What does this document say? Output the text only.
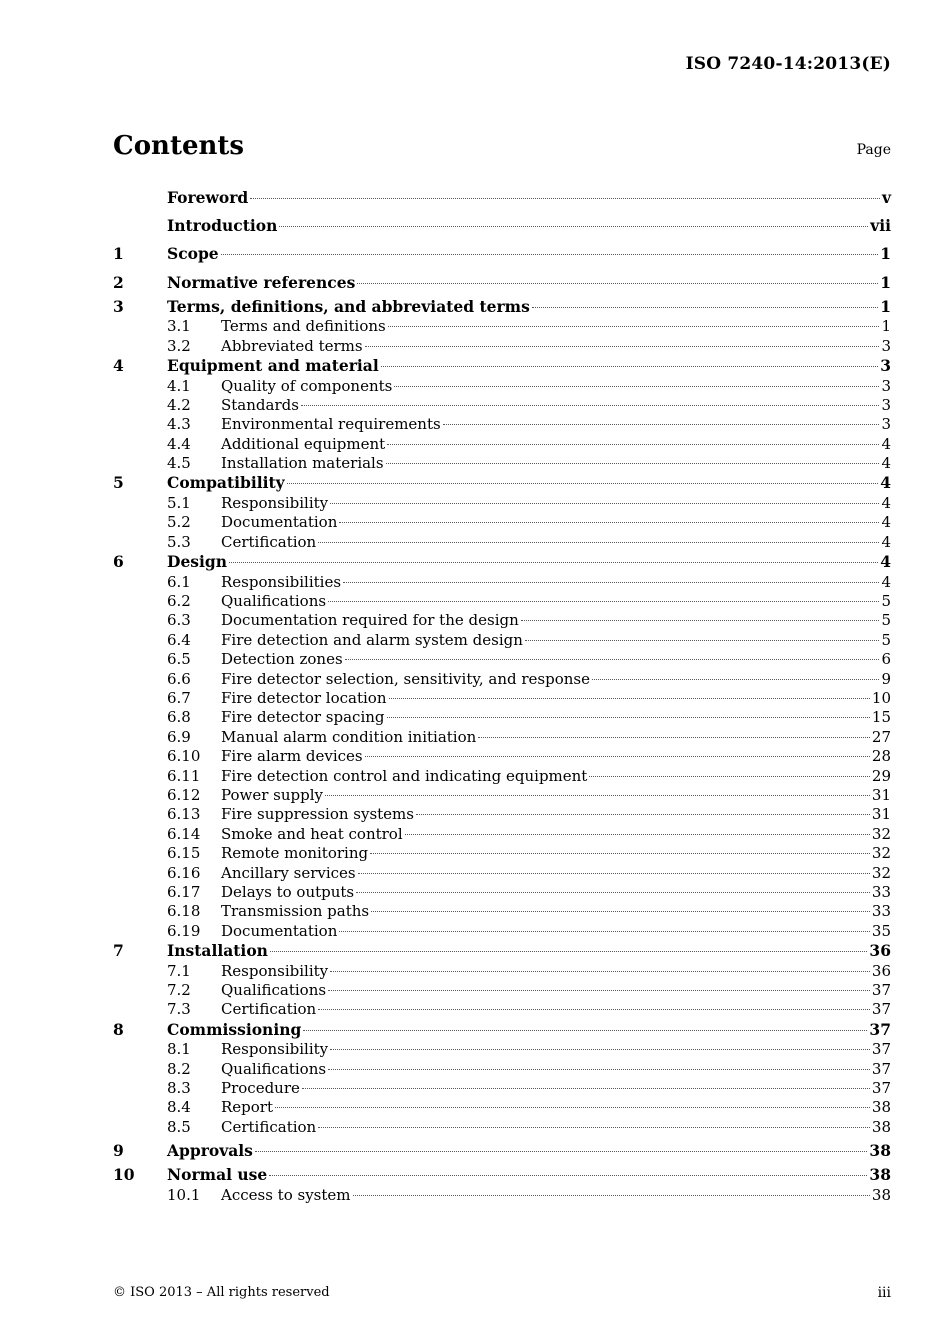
ISO 7240-14:2013(E)
Contents	Page
Foreword	v
Introduction	vii
1	Scope	1
2	Normative references	1
3	Terms, definitions, and abbreviated terms	1
3.1	Terms and definitions	1
3.2	Abbreviated terms	3
4	Equipment and material	3
4.1	Quality of components	3
4.2	Standards	3
4.3	Environmental requirements	3
4.4	Additional equipment	4
4.5	Installation materials	4
5	Compatibility	4
5.1	Responsibility	4
5.2	Documentation	4
5.3	Certification	4
6	Design	4
6.1	Responsibilities	4
6.2	Qualifications	5
6.3	Documentation required for the design	5
6.4	Fire detection and alarm system design	5
6.5	Detection zones	6
6.6	Fire detector selection, sensitivity, and response	9
6.7	Fire detector location	10
6.8	Fire detector spacing	15
6.9	Manual alarm condition initiation	27
6.10	Fire alarm devices	28
6.11	Fire detection control and indicating equipment	29
6.12	Power supply	31
6.13	Fire suppression systems	31
6.14	Smoke and heat control	32
6.15	Remote monitoring	32
6.16	Ancillary services	32
6.17	Delays to outputs	33
6.18	Transmission paths	33
6.19	Documentation	35
7	Installation	36
7.1	Responsibility	36
7.2	Qualifications	37
7.3	Certification	37
8	Commissioning	37
8.1	Responsibility	37
8.2	Qualifications	37
8.3	Procedure	37
8.4	Report	38
8.5	Certification	38
9	Approvals	38
10	Normal use	38
10.1	Access to system	38
© ISO 2013 – All rights reserved	iii
